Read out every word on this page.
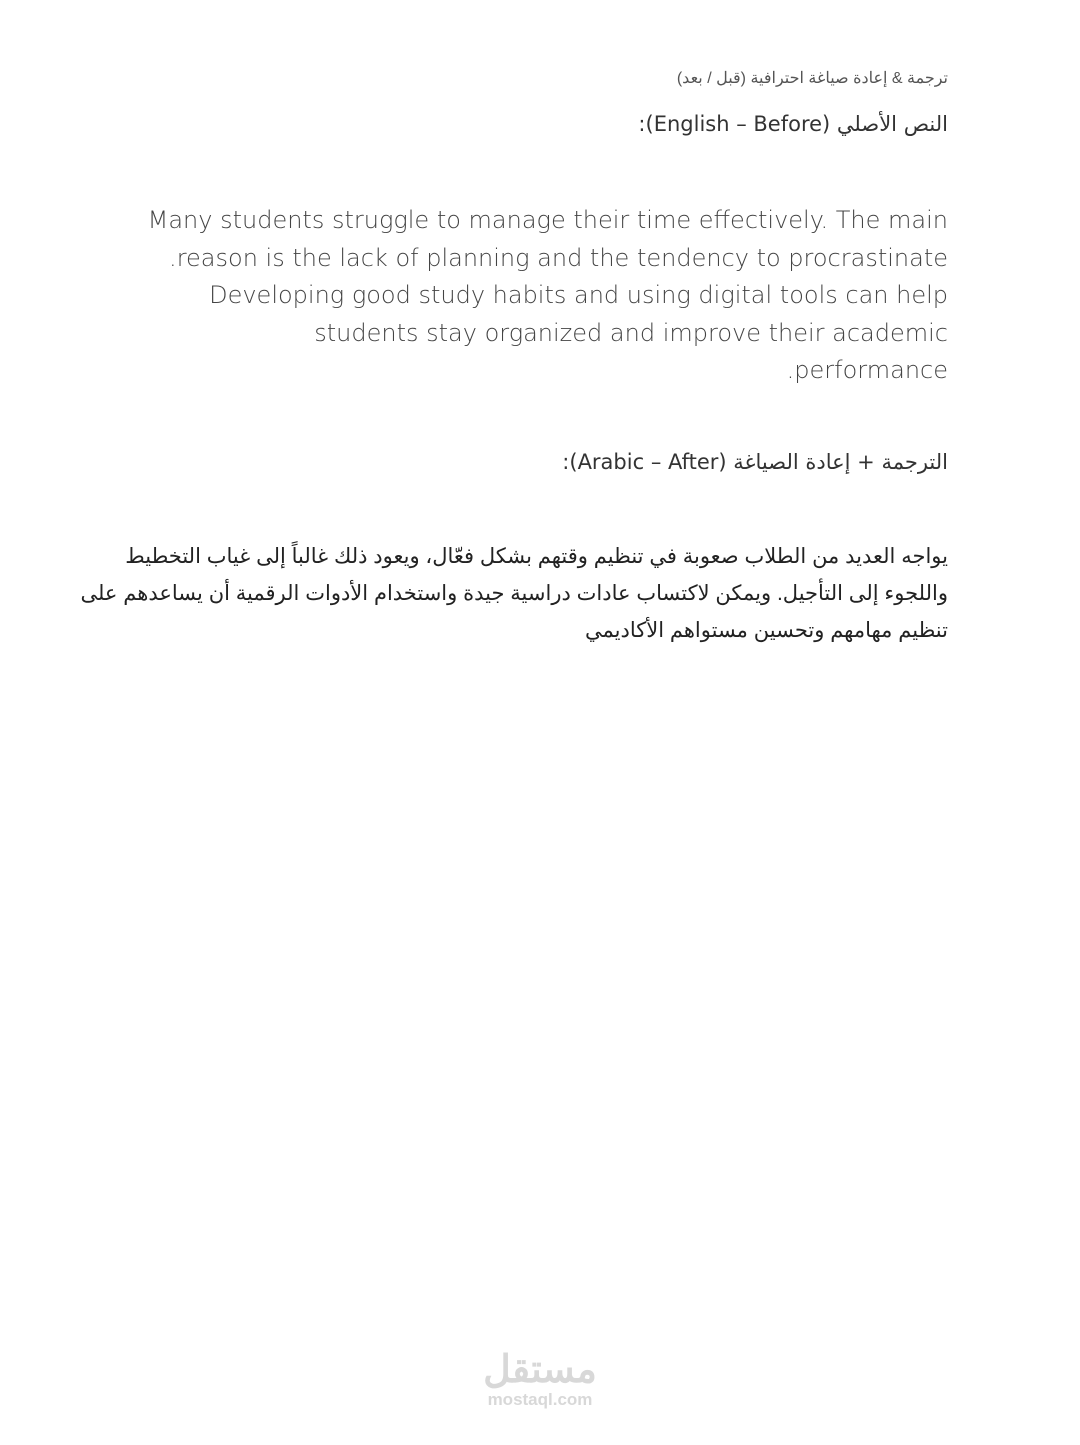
ترجمة & إعادة صياغة احترافية (قبل / بعد)
النص الأصلي (English – Before):
Many students struggle to manage their time effectively. The main
reason is the lack of planning and the tendency to procrastinate.
Developing good study habits and using digital tools can help
students stay organized and improve their academic
performance.
الترجمة + إعادة الصياغة (Arabic – After):
يواجه العديد من الطلاب صعوبة في تنظيم وقتهم بشكل فعّال، ويعود ذلك غالباً إلى غياب التخطيط
واللجوء إلى التأجيل. ويمكن لاكتساب عادات دراسية جيدة واستخدام الأدوات الرقمية أن يساعدهم على
تنظيم مهامهم وتحسين مستواهم الأكاديمي
مستقل
mostaql.com
